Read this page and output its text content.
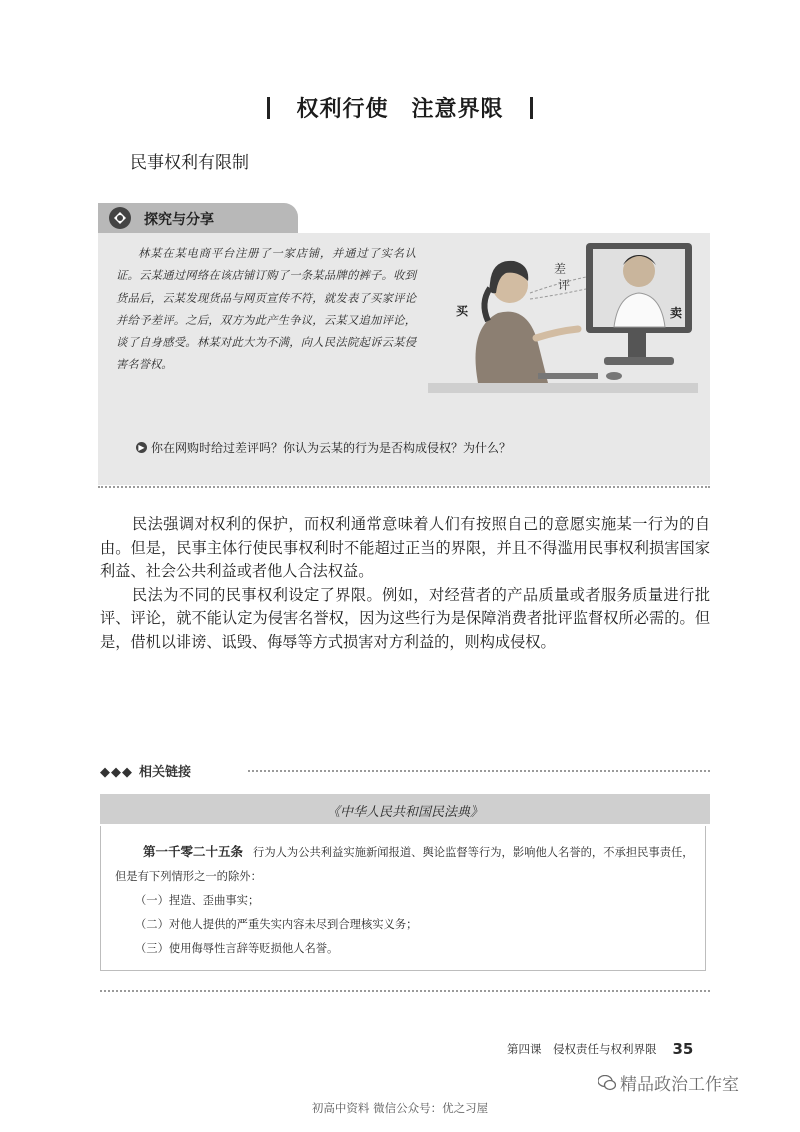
权利行使　注意界限
民事权利有限制
探究与分享
林某在某电商平台注册了一家店铺，并通过了实名认证。云某通过网络在该店铺订购了一条某品牌的裤子。收到货品后，云某发现货品与网页宣传不符，就发表了买家评论并给予差评。之后，双方为此产生争议，云某又追加评论，谈了自身感受。林某对此大为不满，向人民法院起诉云某侵害名誉权。
差
评
买	卖
▶ 你在网购时给过差评吗？你认为云某的行为是否构成侵权？为什么？

民法强调对权利的保护，而权利通常意味着人们有按照自己的意愿实施某一行为的自由。但是，民事主体行使民事权利时不能超过正当的界限，并且不得滥用民事权利损害国家利益、社会公共利益或者他人合法权益。

民法为不同的民事权利设定了界限。例如，对经营者的产品质量或者服务质量进行批评、评论，就不能认定为侵害名誉权，因为这些行为是保障消费者批评监督权所必需的。但是，借机以诽谤、诋毁、侮辱等方式损害对方利益的，则构成侵权。

◆◆◆ 相关链接
《中华人民共和国民法典》

第一千零二十五条 行为人为公共利益实施新闻报道、舆论监督等行为，影响他人名誉的，不承担民事责任，但是有下列情形之一的除外：

（一）捏造、歪曲事实；

（二）对他人提供的严重失实内容未尽到合理核实义务；

（三）使用侮辱性言辞等贬损他人名誉。

第四课　侵权责任与权利界限 35
精品政治工作室
初高中资料 微信公众号：优之习屋
